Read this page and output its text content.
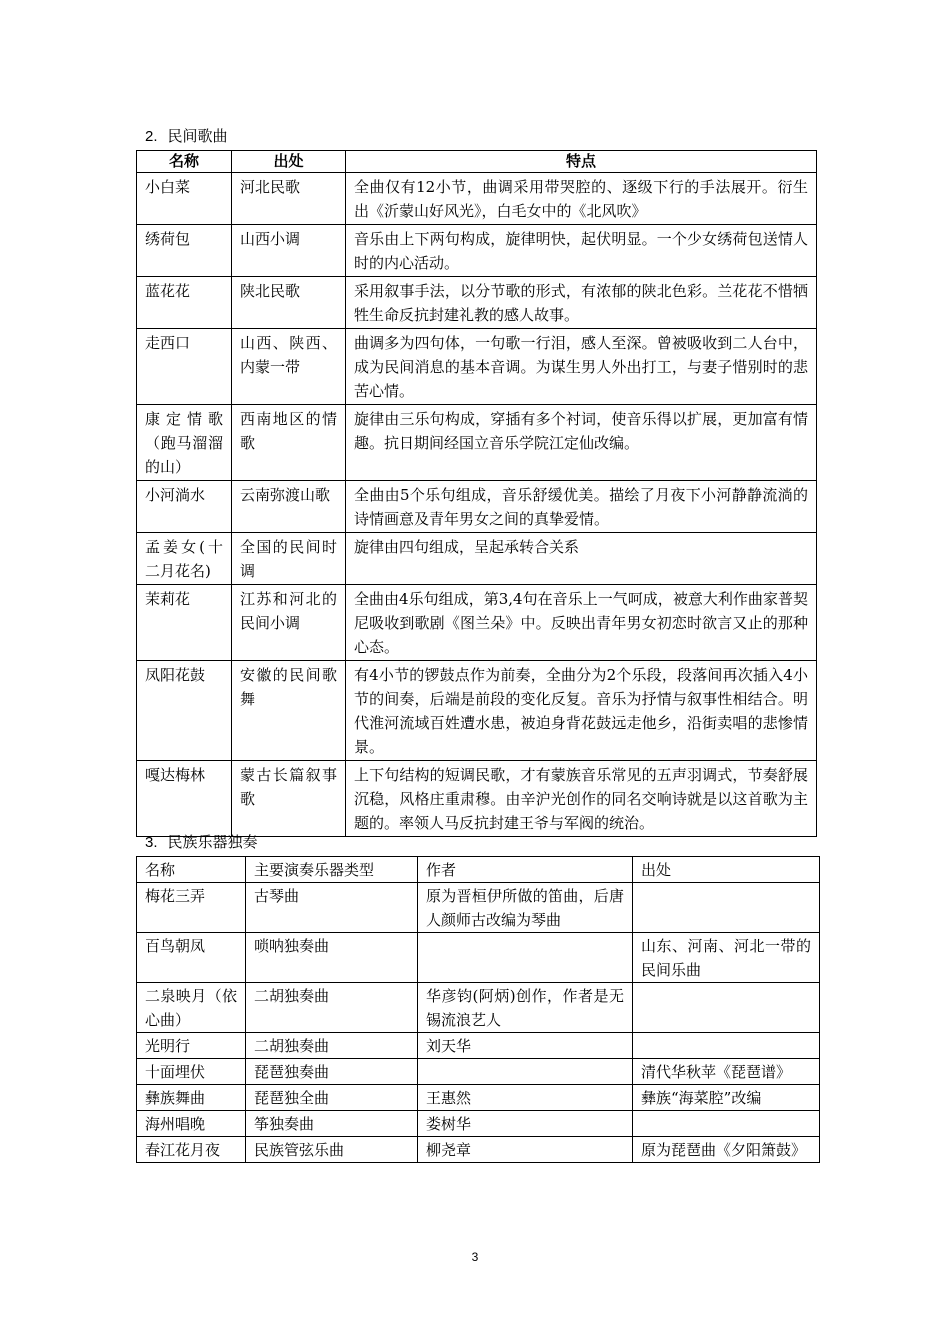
2. 民间歌曲
名称	出处	特点
小白菜	河北民歌	全曲仅有12小节，曲调采用带哭腔的、逐级下行的手法展开。衍生出《沂蒙山好风光》，白毛女中的《北风吹》
绣荷包	山西小调	音乐由上下两句构成，旋律明快，起伏明显。一个少女绣荷包送情人时的内心活动。
蓝花花	陕北民歌	采用叙事手法，以分节歌的形式，有浓郁的陕北色彩。兰花花不惜牺牲生命反抗封建礼教的感人故事。
走西口	山西、陕西、内蒙一带	曲调多为四句体，一句歌一行泪，感人至深。曾被吸收到二人台中，成为民间消息的基本音调。为谋生男人外出打工，与妻子惜别时的悲苦心情。
康定情歌（跑马溜溜的山）	西南地区的情歌	旋律由三乐句构成，穿插有多个衬词，使音乐得以扩展，更加富有情趣。抗日期间经国立音乐学院江定仙改编。
小河淌水	云南弥渡山歌	全曲由5个乐句组成，音乐舒缓优美。描绘了月夜下小河静静流淌的诗情画意及青年男女之间的真挚爱情。
孟姜女(十二月花名)	全国的民间时调	旋律由四句组成，呈起承转合关系
茉莉花	江苏和河北的民间小调	全曲由4乐句组成，第3,4句在音乐上一气呵成，被意大利作曲家普契尼吸收到歌剧《图兰朵》中。反映出青年男女初恋时欲言又止的那种心态。
凤阳花鼓	安徽的民间歌舞	有4小节的锣鼓点作为前奏，全曲分为2个乐段，段落间再次插入4小节的间奏，后端是前段的变化反复。音乐为抒情与叙事性相结合。明代淮河流域百姓遭水患，被迫身背花鼓远走他乡，沿街卖唱的悲惨情景。
嘎达梅林	蒙古长篇叙事歌	上下句结构的短调民歌，才有蒙族音乐常见的五声羽调式，节奏舒展沉稳，风格庄重肃穆。由辛沪光创作的同名交响诗就是以这首歌为主题的。率领人马反抗封建王爷与军阀的统治。
3. 民族乐器独奏
名称	主要演奏乐器类型	作者	出处
梅花三弄	古琴曲	原为晋桓伊所做的笛曲，后唐人颜师古改编为琴曲	
百鸟朝凤	唢呐独奏曲		山东、河南、河北一带的民间乐曲
二泉映月（依心曲）	二胡独奏曲	华彦钧(阿炳)创作，作者是无锡流浪艺人	
光明行	二胡独奏曲	刘天华	
十面埋伏	琵琶独奏曲		清代华秋苹《琵琶谱》
彝族舞曲	琵琶独全曲	王惠然	彝族“海菜腔”改编
海州唱晚	筝独奏曲	娄树华	
春江花月夜	民族管弦乐曲	柳尧章	原为琵琶曲《夕阳箫鼓》
3
